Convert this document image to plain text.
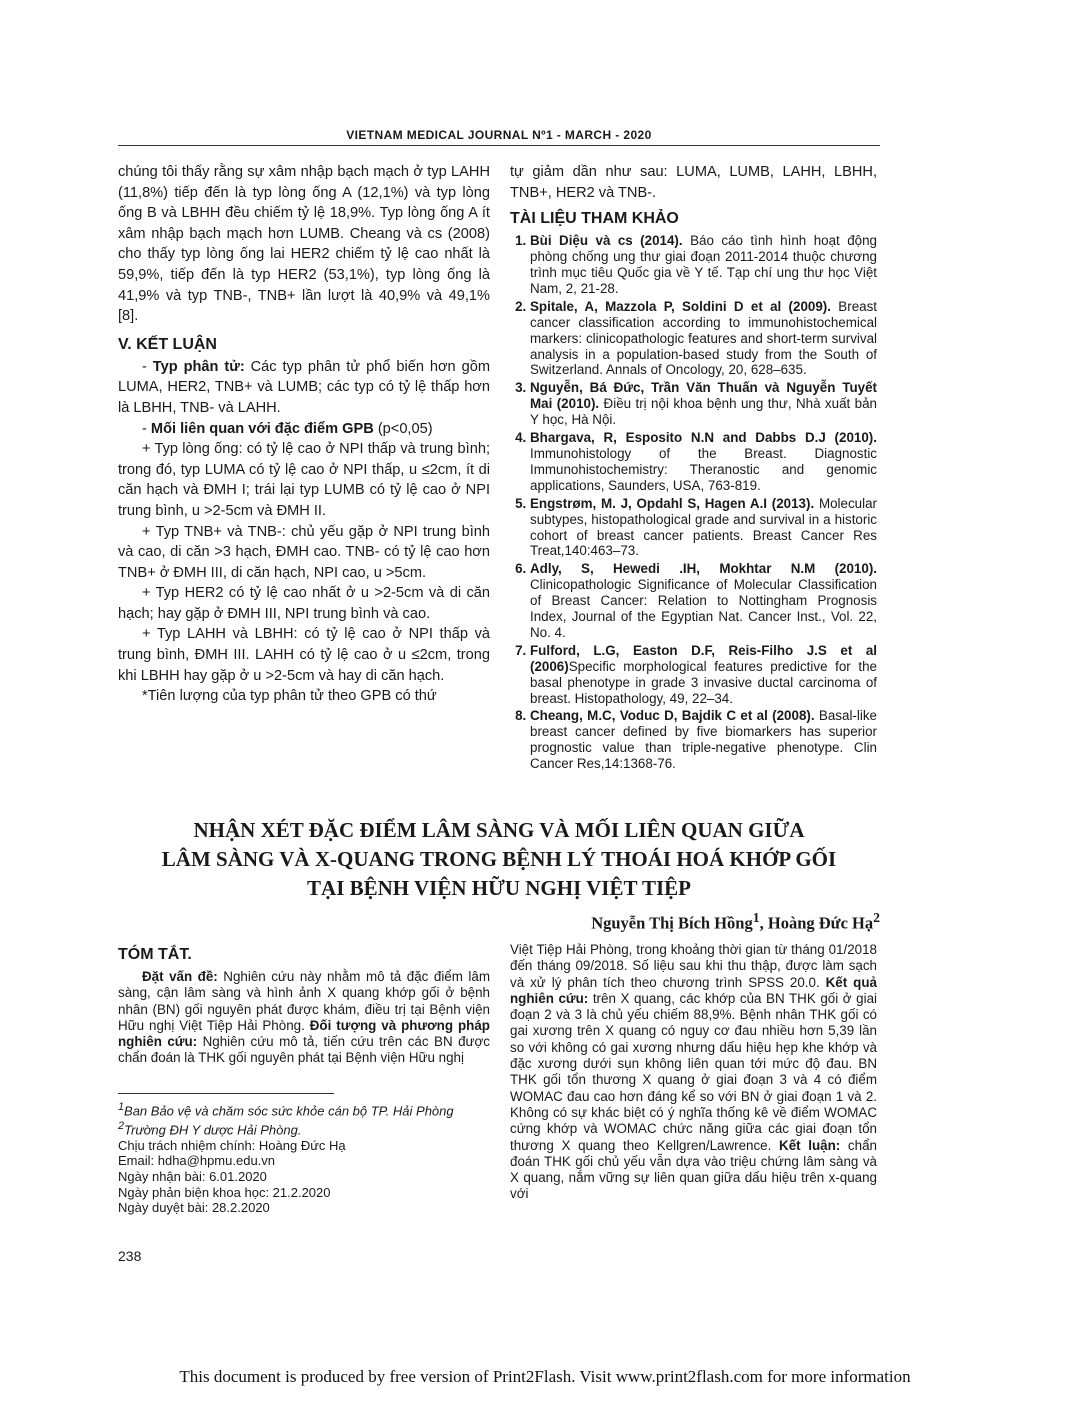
VIETNAM MEDICAL JOURNAL Nº1 - MARCH - 2020

chúng tôi thấy rằng sự xâm nhập bạch mạch ở typ LAHH (11,8%) tiếp đến là typ lòng ống A (12,1%) và typ lòng ống B và LBHH đều chiếm tỷ lệ 18,9%. Typ lòng ống A ít xâm nhập bạch mạch hơn LUMB. Cheang và cs (2008) cho thấy typ lòng ống lai HER2 chiếm tỷ lệ cao nhất là 59,9%, tiếp đến là typ HER2 (53,1%), typ lòng ống là 41,9% và typ TNB-, TNB+ lần lượt là 40,9% và 49,1% [8].

V. KẾT LUẬN

- Typ phân tử: Các typ phân tử phổ biến hơn gồm LUMA, HER2, TNB+ và LUMB; các typ có tỷ lệ thấp hơn là LBHH, TNB- và LAHH.

- Mối liên quan với đặc điểm GPB (p<0,05)

+ Typ lòng ống: có tỷ lệ cao ở NPI thấp và trung bình; trong đó, typ LUMA có tỷ lệ cao ở NPI thấp, u ≤2cm, ít di căn hạch và ĐMH I; trái lại typ LUMB có tỷ lệ cao ở NPI trung bình, u >2-5cm và ĐMH II.

+ Typ TNB+ và TNB-: chủ yếu gặp ở NPI trung bình và cao, di căn >3 hạch, ĐMH cao. TNB- có tỷ lệ cao hơn TNB+ ở ĐMH III, di căn hạch, NPI cao, u >5cm.

+ Typ HER2 có tỷ lệ cao nhất ở u >2-5cm và di căn hạch; hay gặp ở ĐMH III, NPI trung bình và cao.

+ Typ LAHH và LBHH: có tỷ lệ cao ở NPI thấp và trung bình, ĐMH III. LAHH có tỷ lệ cao ở u ≤2cm, trong khi LBHH hay gặp ở u >2-5cm và hay di căn hạch.

*Tiên lượng của typ phân tử theo GPB có thứ

tự giảm dần như sau: LUMA, LUMB, LAHH, LBHH, TNB+, HER2 và TNB-.

TÀI LIỆU THAM KHẢO
1. Bùi Diệu và cs (2014). Báo cáo tình hình hoạt động phòng chống ung thư giai đoạn 2011-2014 thuộc chương trình mục tiêu Quốc gia về Y tế. Tạp chí ung thư học Việt Nam, 2, 21-28.
2. Spitale, A, Mazzola P, Soldini D et al (2009). Breast cancer classification according to immunohistochemical markers: clinicopathologic features and short-term survival analysis in a population-based study from the South of Switzerland. Annals of Oncology, 20, 628–635.
3. Nguyễn, Bá Đức, Trần Văn Thuấn và Nguyễn Tuyết Mai (2010). Điều trị nội khoa bệnh ung thư, Nhà xuất bản Y học, Hà Nội.
4. Bhargava, R, Esposito N.N and Dabbs D.J (2010). Immunohistology of the Breast. Diagnostic Immunohistochemistry: Theranostic and genomic applications, Saunders, USA, 763-819.
5. Engstrøm, M. J, Opdahl S, Hagen A.I (2013). Molecular subtypes, histopathological grade and survival in a historic cohort of breast cancer patients. Breast Cancer Res Treat,140:463–73.
6. Adly, S, Hewedi .IH, Mokhtar N.M (2010). Clinicopathologic Significance of Molecular Classification of Breast Cancer: Relation to Nottingham Prognosis Index, Journal of the Egyptian Nat. Cancer Inst., Vol. 22, No. 4.
7. Fulford, L.G, Easton D.F, Reis-Filho J.S et al (2006)Specific morphological features predictive for the basal phenotype in grade 3 invasive ductal carcinoma of breast. Histopathology, 49, 22–34.
8. Cheang, M.C, Voduc D, Bajdik C et al (2008). Basal-like breast cancer defined by five biomarkers has superior prognostic value than triple-negative phenotype. Clin Cancer Res,14:1368-76.
NHẬN XÉT ĐẶC ĐIỂM LÂM SÀNG VÀ MỐI LIÊN QUAN GIỮA
LÂM SÀNG VÀ X-QUANG TRONG BỆNH LÝ THOÁI HOÁ KHỚP GỐI
TẠI BỆNH VIỆN HỮU NGHỊ VIỆT TIỆP
Nguyễn Thị Bích Hồng$^1$, Hoàng Đức Hạ$^2$
TÓM TẮT.

Đặt vấn đề: Nghiên cứu này nhằm mô tả đặc điểm lâm sàng, cận lâm sàng và hình ảnh X quang khớp gối ở bệnh nhân (BN) gối nguyên phát được khám, điều trị tại Bệnh viện Hữu nghị Việt Tiệp Hải Phòng. Đối tượng và phương pháp nghiên cứu: Nghiên cứu mô tả, tiến cứu trên các BN được chẩn đoán là THK gối nguyên phát tại Bệnh viện Hữu nghị

Việt Tiệp Hải Phòng, trong khoảng thời gian từ tháng 01/2018 đến tháng 09/2018. Số liệu sau khi thu thập, được làm sạch và xử lý phân tích theo chương trình SPSS 20.0. Kết quả nghiên cứu: trên X quang, các khớp của BN THK gối ở giai đoạn 2 và 3 là chủ yếu chiếm 88,9%. Bệnh nhân THK gối có gai xương trên X quang có nguy cơ đau nhiều hơn 5,39 lần so với không có gai xương nhưng dấu hiệu hẹp khe khớp và đặc xương dưới sụn không liên quan tới mức độ đau. BN THK gối tổn thương X quang ở giai đoạn 3 và 4 có điểm WOMAC đau cao hơn đáng kể so với BN ở giai đoạn 1 và 2. Không có sự khác biệt có ý nghĩa thống kê về điểm WOMAC cứng khớp và WOMAC chức năng giữa các giai đoạn tổn thương X quang theo Kellgren/Lawrence. Kết luận: chẩn đoán THK gối chủ yếu vẫn dựa vào triệu chứng lâm sàng và X quang, nắm vững sự liên quan giữa dấu hiệu trên x-quang với
$^1$Ban Bảo vệ và chăm sóc sức khỏe cán bộ TP. Hải Phòng
$^2$Trường ĐH Y dược Hải Phòng.
Chịu trách nhiệm chính: Hoàng Đức Hạ
Email: hdha@hpmu.edu.vn
Ngày nhận bài: 6.01.2020
Ngày phản biện khoa học: 21.2.2020
Ngày duyệt bài: 28.2.2020
238
This document is produced by free version of Print2Flash. Visit www.print2flash.com for more information
